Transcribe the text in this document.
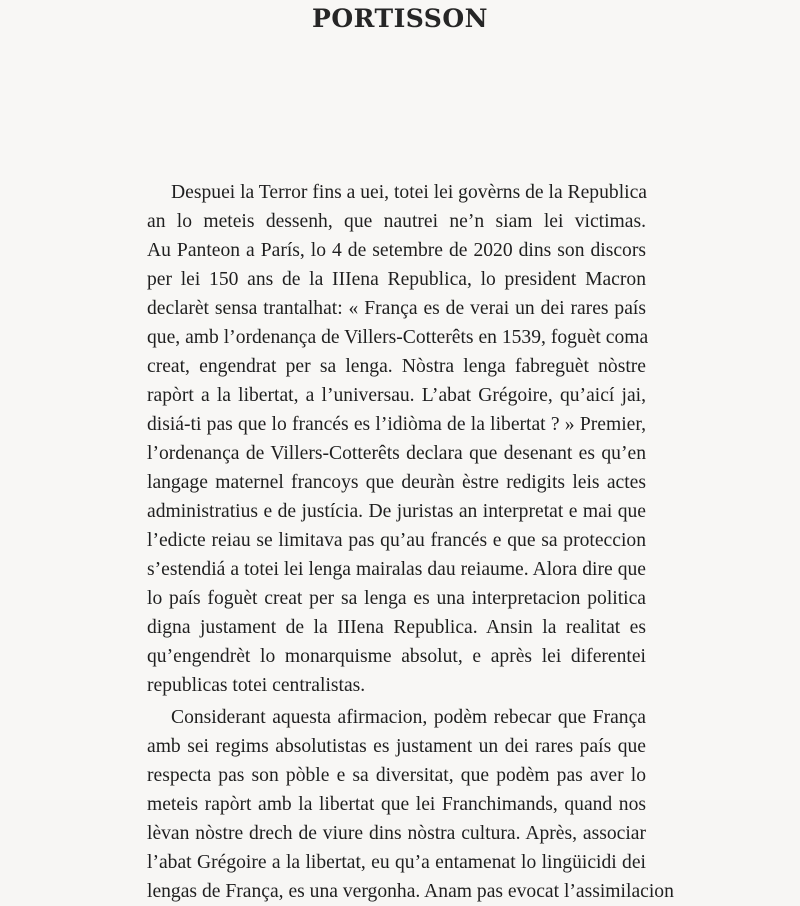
PORTISSON
Despuei la Terror fins a uei, totei lei govèrns de la Republica
an lo meteis dessenh, que nautrei ne’n siam lei victimas.
Au Panteon a París, lo 4 de setembre de 2020 dins son discors
per lei 150 ans de la IIIena Republica, lo president Macron
declarèt sensa trantalhat: « França es de verai un dei rares país
que, amb l’ordenança de Villers-Cotterêts en 1539, foguèt coma
creat, engendrat per sa lenga. Nòstra lenga fabreguèt nòstre
rapòrt a la libertat, a l’universau. L’abat Grégoire, qu’aicí jai,
disiá-ti pas que lo francés es l’idiòma de la libertat ? » Premier,
l’ordenança de Villers-Cotterêts declara que desenant es qu’en
langage maternel francoys que deuràn èstre redigits leis actes
administratius e de justícia. De juristas an interpretat e mai que
l’edicte reiau se limitava pas qu’au francés e que sa proteccion
s’estendiá a totei lei lenga mairalas dau reiaume. Alora dire que
lo país foguèt creat per sa lenga es una interpretacion politica
digna justament de la IIIena Republica. Ansin la realitat es
qu’engendrèt lo monarquisme absolut, e après lei diferentei
republicas totei centralistas.
Considerant aquesta afirmacion, podèm rebecar que França
amb sei regims absolutistas es justament un dei rares país que
respecta pas son pòble e sa diversitat, que podèm pas aver lo
meteis rapòrt amb la libertat que lei Franchimands, quand nos
lèvan nòstre drech de viure dins nòstra cultura. Après, associar
l’abat Grégoire a la libertat, eu qu’a entamenat lo lingüicidi dei
lengas de França, es una vergonha. Anam pas evocat l’assimilacion
